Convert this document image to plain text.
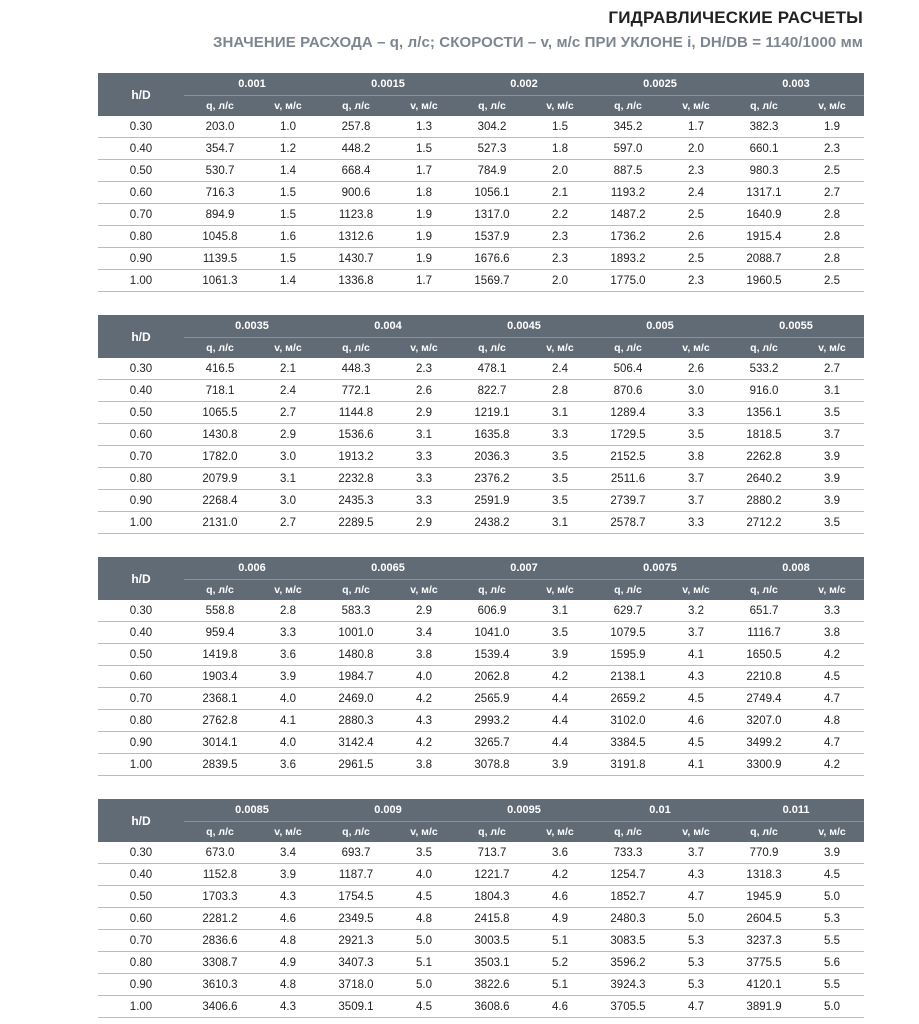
ГИДРАВЛИЧЕСКИЕ РАСЧЕТЫ
ЗНАЧЕНИЕ РАСХОДА – q, л/с; СКОРОСТИ – v, м/с ПРИ УКЛОНЕ i, DН/DВ = 1140/1000 мм
h/D	0.001		0.0015		0.002		0.0025		0.003	
	q, л/с	v, м/с	q, л/с	v, м/с	q, л/с	v, м/с	q, л/с	v, м/с	q, л/с	v, м/с
0.30	203.0	1.0	257.8	1.3	304.2	1.5	345.2	1.7	382.3	1.9
0.40	354.7	1.2	448.2	1.5	527.3	1.8	597.0	2.0	660.1	2.3
0.50	530.7	1.4	668.4	1.7	784.9	2.0	887.5	2.3	980.3	2.5
0.60	716.3	1.5	900.6	1.8	1056.1	2.1	1193.2	2.4	1317.1	2.7
0.70	894.9	1.5	1123.8	1.9	1317.0	2.2	1487.2	2.5	1640.9	2.8
0.80	1045.8	1.6	1312.6	1.9	1537.9	2.3	1736.2	2.6	1915.4	2.8
0.90	1139.5	1.5	1430.7	1.9	1676.6	2.3	1893.2	2.5	2088.7	2.8
1.00	1061.3	1.4	1336.8	1.7	1569.7	2.0	1775.0	2.3	1960.5	2.5
h/D	0.0035		0.004		0.0045		0.005		0.0055	
	q, л/с	v, м/с	q, л/с	v, м/с	q, л/с	v, м/с	q, л/с	v, м/с	q, л/с	v, м/с
0.30	416.5	2.1	448.3	2.3	478.1	2.4	506.4	2.6	533.2	2.7
0.40	718.1	2.4	772.1	2.6	822.7	2.8	870.6	3.0	916.0	3.1
0.50	1065.5	2.7	1144.8	2.9	1219.1	3.1	1289.4	3.3	1356.1	3.5
0.60	1430.8	2.9	1536.6	3.1	1635.8	3.3	1729.5	3.5	1818.5	3.7
0.70	1782.0	3.0	1913.2	3.3	2036.3	3.5	2152.5	3.8	2262.8	3.9
0.80	2079.9	3.1	2232.8	3.3	2376.2	3.5	2511.6	3.7	2640.2	3.9
0.90	2268.4	3.0	2435.3	3.3	2591.9	3.5	2739.7	3.7	2880.2	3.9
1.00	2131.0	2.7	2289.5	2.9	2438.2	3.1	2578.7	3.3	2712.2	3.5
h/D	0.006		0.0065		0.007		0.0075		0.008	
	q, л/с	v, м/с	q, л/с	v, м/с	q, л/с	v, м/с	q, л/с	v, м/с	q, л/с	v, м/с
0.30	558.8	2.8	583.3	2.9	606.9	3.1	629.7	3.2	651.7	3.3
0.40	959.4	3.3	1001.0	3.4	1041.0	3.5	1079.5	3.7	1116.7	3.8
0.50	1419.8	3.6	1480.8	3.8	1539.4	3.9	1595.9	4.1	1650.5	4.2
0.60	1903.4	3.9	1984.7	4.0	2062.8	4.2	2138.1	4.3	2210.8	4.5
0.70	2368.1	4.0	2469.0	4.2	2565.9	4.4	2659.2	4.5	2749.4	4.7
0.80	2762.8	4.1	2880.3	4.3	2993.2	4.4	3102.0	4.6	3207.0	4.8
0.90	3014.1	4.0	3142.4	4.2	3265.7	4.4	3384.5	4.5	3499.2	4.7
1.00	2839.5	3.6	2961.5	3.8	3078.8	3.9	3191.8	4.1	3300.9	4.2
h/D	0.0085		0.009		0.0095		0.01		0.011	
	q, л/с	v, м/с	q, л/с	v, м/с	q, л/с	v, м/с	q, л/с	v, м/с	q, л/с	v, м/с
0.30	673.0	3.4	693.7	3.5	713.7	3.6	733.3	3.7	770.9	3.9
0.40	1152.8	3.9	1187.7	4.0	1221.7	4.2	1254.7	4.3	1318.3	4.5
0.50	1703.3	4.3	1754.5	4.5	1804.3	4.6	1852.7	4.7	1945.9	5.0
0.60	2281.2	4.6	2349.5	4.8	2415.8	4.9	2480.3	5.0	2604.5	5.3
0.70	2836.6	4.8	2921.3	5.0	3003.5	5.1	3083.5	5.3	3237.3	5.5
0.80	3308.7	4.9	3407.3	5.1	3503.1	5.2	3596.2	5.3	3775.5	5.6
0.90	3610.3	4.8	3718.0	5.0	3822.6	5.1	3924.3	5.3	4120.1	5.5
1.00	3406.6	4.3	3509.1	4.5	3608.6	4.6	3705.5	4.7	3891.9	5.0
